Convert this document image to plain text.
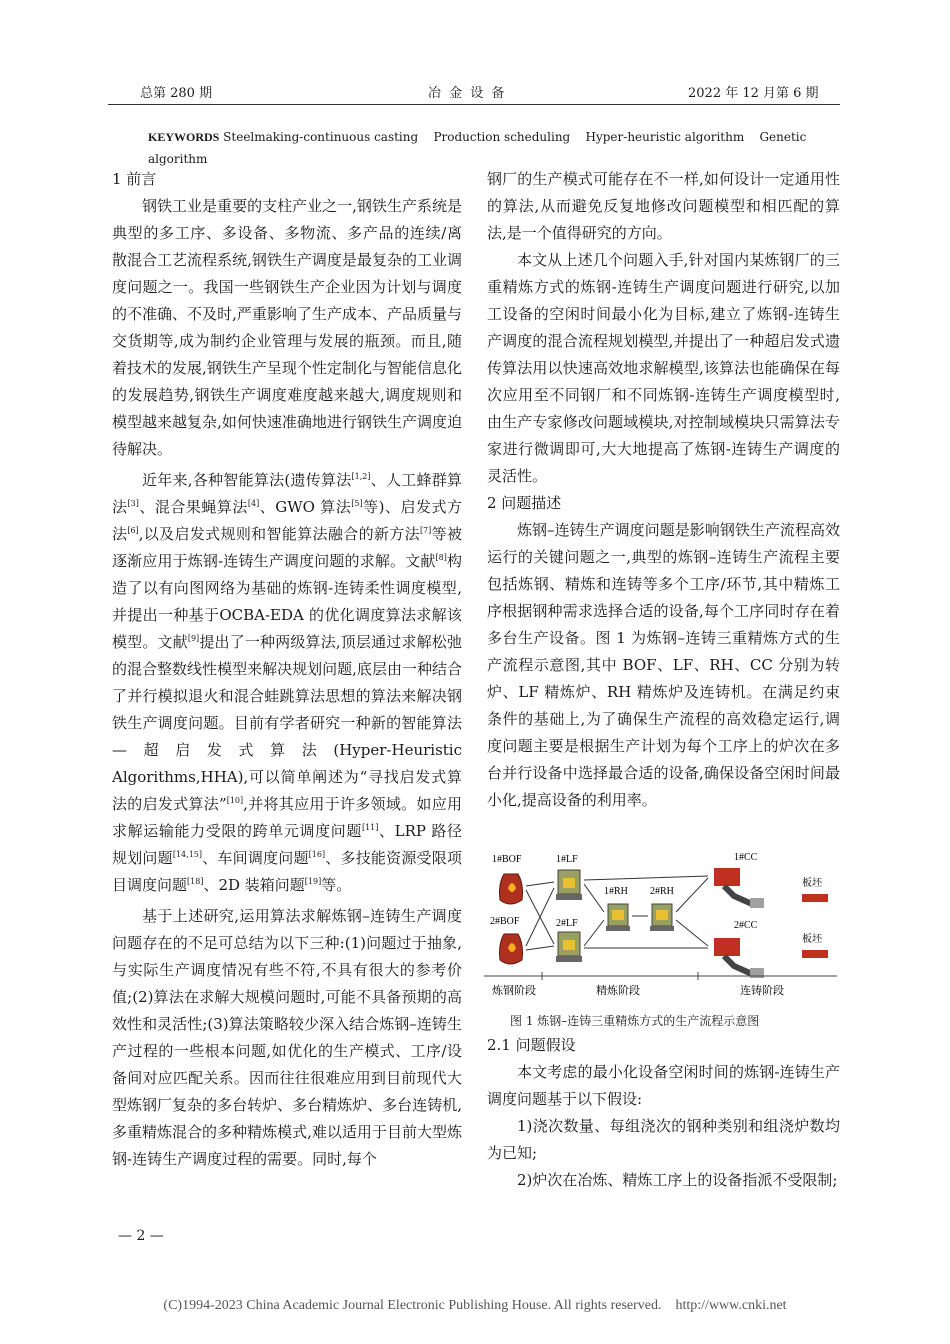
总第 280 期	冶 金 设 备	2022 年 12 月第 6 期
KEYWORDS Steelmaking-continuous casting    Production scheduling    Hyper-heuristic algorithm    Genetic
algorithm

1 前言

钢铁工业是重要的支柱产业之一,钢铁生产系统是典型的多工序、多设备、多物流、多产品的连续/离散混合工艺流程系统,钢铁生产调度是最复杂的工业调度问题之一。我国一些钢铁生产企业因为计划与调度的不准确、不及时,严重影响了生产成本、产品质量与交货期等,成为制约企业管理与发展的瓶颈。而且,随着技术的发展,钢铁生产呈现个性定制化与智能信息化的发展趋势,钢铁生产调度难度越来越大,调度规则和模型越来越复杂,如何快速准确地进行钢铁生产调度迫待解决。

近年来,各种智能算法(遗传算法[1,2]、人工蜂群算法[3]、混合果蝇算法[4]、GWO 算法[5]等)、启发式方法[6],以及启发式规则和智能算法融合的新方法[7]等被逐渐应用于炼钢-连铸生产调度问题的求解。文献[8]构造了以有向图网络为基础的炼钢-连铸柔性调度模型,并提出一种基于OCBA-EDA 的优化调度算法求解该模型。文献[9]提出了一种两级算法,顶层通过求解松弛的混合整数线性模型来解决规划问题,底层由一种结合了并行模拟退火和混合蛙跳算法思想的算法来解决钢铁生产调度问题。目前有学者研究一种新的智能算法—超启发式算法(Hyper-Heuristic Algorithms,HHA),可以简单阐述为“寻找启发式算法的启发式算法”[10],并将其应用于许多领域。如应用求解运输能力受限的跨单元调度问题[11]、LRP 路径规划问题[14,15]、车间调度问题[16]、多技能资源受限项目调度问题[18]、2D 装箱问题[19]等。

基于上述研究,运用算法求解炼钢–连铸生产调度问题存在的不足可总结为以下三种:(1)问题过于抽象,与实际生产调度情况有些不符,不具有很大的参考价值;(2)算法在求解大规模问题时,可能不具备预期的高效性和灵活性;(3)算法策略较少深入结合炼钢–连铸生产过程的一些根本问题,如优化的生产模式、工序/设备间对应匹配关系。因而往往很难应用到目前现代大型炼钢厂复杂的多台转炉、多台精炼炉、多台连铸机,多重精炼混合的多种精炼模式,难以适用于目前大型炼钢-连铸生产调度过程的需要。同时,每个

钢厂的生产模式可能存在不一样,如何设计一定通用性的算法,从而避免反复地修改问题模型和相匹配的算法,是一个值得研究的方向。

本文从上述几个问题入手,针对国内某炼钢厂的三重精炼方式的炼钢-连铸生产调度问题进行研究,以加工设备的空闲时间最小化为目标,建立了炼钢-连铸生产调度的混合流程规划模型,并提出了一种超启发式遗传算法用以快速高效地求解模型,该算法也能确保在每次应用至不同钢厂和不同炼钢-连铸生产调度模型时,由生产专家修改问题域模块,对控制域模块只需算法专家进行微调即可,大大地提高了炼钢-连铸生产调度的灵活性。

2 问题描述

炼钢–连铸生产调度问题是影响钢铁生产流程高效运行的关键问题之一,典型的炼钢–连铸生产流程主要包括炼钢、精炼和连铸等多个工序/环节,其中精炼工序根据钢种需求选择合适的设备,每个工序同时存在着多台生产设备。图 1 为炼钢–连铸三重精炼方式的生产流程示意图,其中 BOF、LF、RH、CC 分别为转炉、LF 精炼炉、RH 精炼炉及连铸机。在满足约束条件的基础上,为了确保生产流程的高效稳定运行,调度问题主要是根据生产计划为每个工序上的炉次在多台并行设备中选择最合适的设备,确保设备空闲时间最小化,提高设备的利用率。

1#BOF
2#BOF
1#LF
2#LF
1#RH 2#RH
1#CC
2#CC
板坯
板坯
炼钢阶段	精炼阶段	连铸阶段
图 1 炼钢–连铸三重精炼方式的生产流程示意图

2.1 问题假设

本文考虑的最小化设备空闲时间的炼钢-连铸生产调度问题基于以下假设:

1)浇次数量、每组浇次的钢种类别和组浇炉数均为已知;

2)炉次在冶炼、精炼工序上的设备指派不受限制;

— 2 —
(C)1994-2023 China Academic Journal Electronic Publishing House. All rights reserved.    http://www.cnki.net
